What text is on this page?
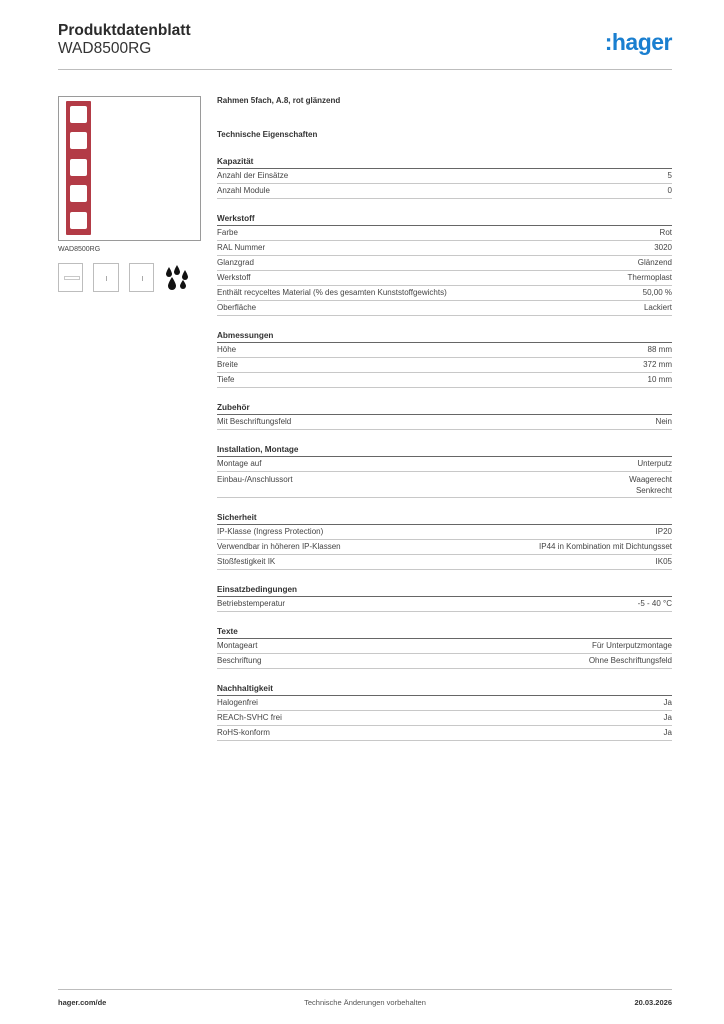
Produktdatenblatt
WAD8500RG	:hager
WAD8500RG
Rahmen 5fach, A.8, rot glänzend
Technische Eigenschaften
Kapazität
Anzahl der Einsätze	5
Anzahl Module	0
Werkstoff
Farbe	Rot
RAL Nummer	3020
Glanzgrad	Glänzend
Werkstoff	Thermoplast
Enthält recyceltes Material (% des gesamten Kunststoffgewichts)	50,00 %
Oberfläche	Lackiert
Abmessungen
Höhe	88 mm
Breite	372 mm
Tiefe	10 mm
Zubehör
Mit Beschriftungsfeld	Nein
Installation, Montage
Montage auf	Unterputz
Einbau-/Anschlussort	Waagerecht
Senkrecht
Sicherheit
IP-Klasse (Ingress Protection)	IP20
Verwendbar in höheren IP-Klassen	IP44 in Kombination mit Dichtungsset
Stoßfestigkeit IK	IK05
Einsatzbedingungen
Betriebstemperatur	-5 - 40 °C
Texte
Montageart	Für Unterputzmontage
Beschriftung	Ohne Beschriftungsfeld
Nachhaltigkeit
Halogenfrei	Ja
REACh-SVHC frei	Ja
RoHS-konform	Ja
hager.com/de	Technische Änderungen vorbehalten	20.03.2026
